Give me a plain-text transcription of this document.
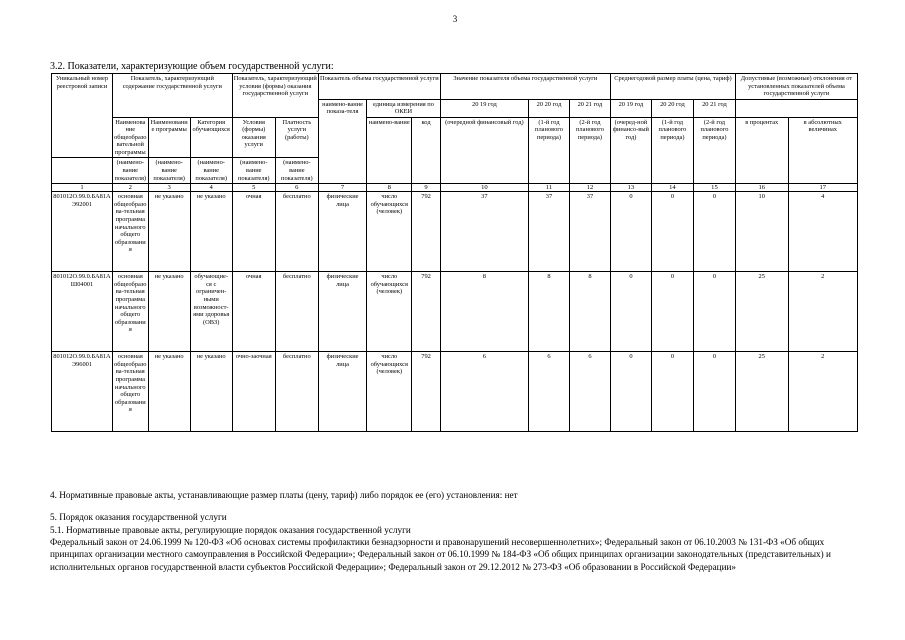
3
3.2. Показатели, характеризующие объем государственной услуги:
Уникальный номер реестровой записи	Показатель, характеризующий содержание государственной услуги			Показатель, характеризующий условия (формы) оказания государственной услуги		Показатель объема государственной услуги			Значение показателя объема государственной услуги			Среднегодовой размер платы (цена, тариф)			Допустимые (возможные) отклонения от установленных показателей объема государственной услуги	
						наимено-вание показа-теля	единица измерения по ОКЕИ		20 19 год	20 20 год	20 21 год	20 19 год	20 20 год	20 21 год		
	Наименование общеобразовательной программы	Наименование программы	Категория обучающихся	Условия (формы) оказания услуги	Платность услуги (работы)		наимено-вание	код	(очередной финансовый год)	(1-й год планового периода)	(2-й год планового периода)	(очеред-ной финансо-вый год)	(1-й год планового периода)	(2-й год планового периода)	в процентах	в абсолютных величинах
	(наимено-вание показателя)	(наимено-вание показателя)	(наимено-вание показателя)	(наимено-вание показателя)	(наимено-вание показателя)											
1	2	3	4	5	6	7	8	9	10	11	12	13	14	15	16	17
801012О.99.0.БА81АЭ92001	основная общеобразова-тельная программа начального общего образования	не указано	не указано	очная	бесплатно	физические лица	число обучающихся (человек)	792	37	37	37	0	0	0	10	4
801012О.99.0.БА81АШ04001	основная общеобразова-тельная программа начального общего образования	не указано	обучающие-ся с ограничен-ными возможност-ями здоровья (ОВЗ)	очная	бесплатно	физические лица	число обучающихся (человек)	792	8	8	8	0	0	0	25	2
801012О.99.0.БА81АЭ96001	основная общеобразова-тельная программа начального общего образования	не указано	не указано	очно-заочная	бесплатно	физические лица	число обучающихся (человек)	792	6	6	6	0	0	0	25	2

4. Нормативные правовые акты, устанавливающие размер платы (цену, тариф) либо порядок ее (его) установления: нет

5. Порядок оказания государственной услуги

5.1. Нормативные правовые акты, регулирующие порядок оказания государственной услуги

Федеральный закон от 24.06.1999 № 120-ФЗ «Об основах системы профилактики безнадзорности и правонарушений несовершеннолетних»; Федеральный закон от 06.10.2003 № 131-ФЗ «Об общих принципах организации местного самоуправления в Российской Федерации»; Федеральный закон от 06.10.1999 № 184-ФЗ «Об общих принципах организации законодательных (представительных) и исполнительных органов государственной власти субъектов Российской Федерации»; Федеральный закон от 29.12.2012 № 273-ФЗ «Об образовании в Российской Федерации»
